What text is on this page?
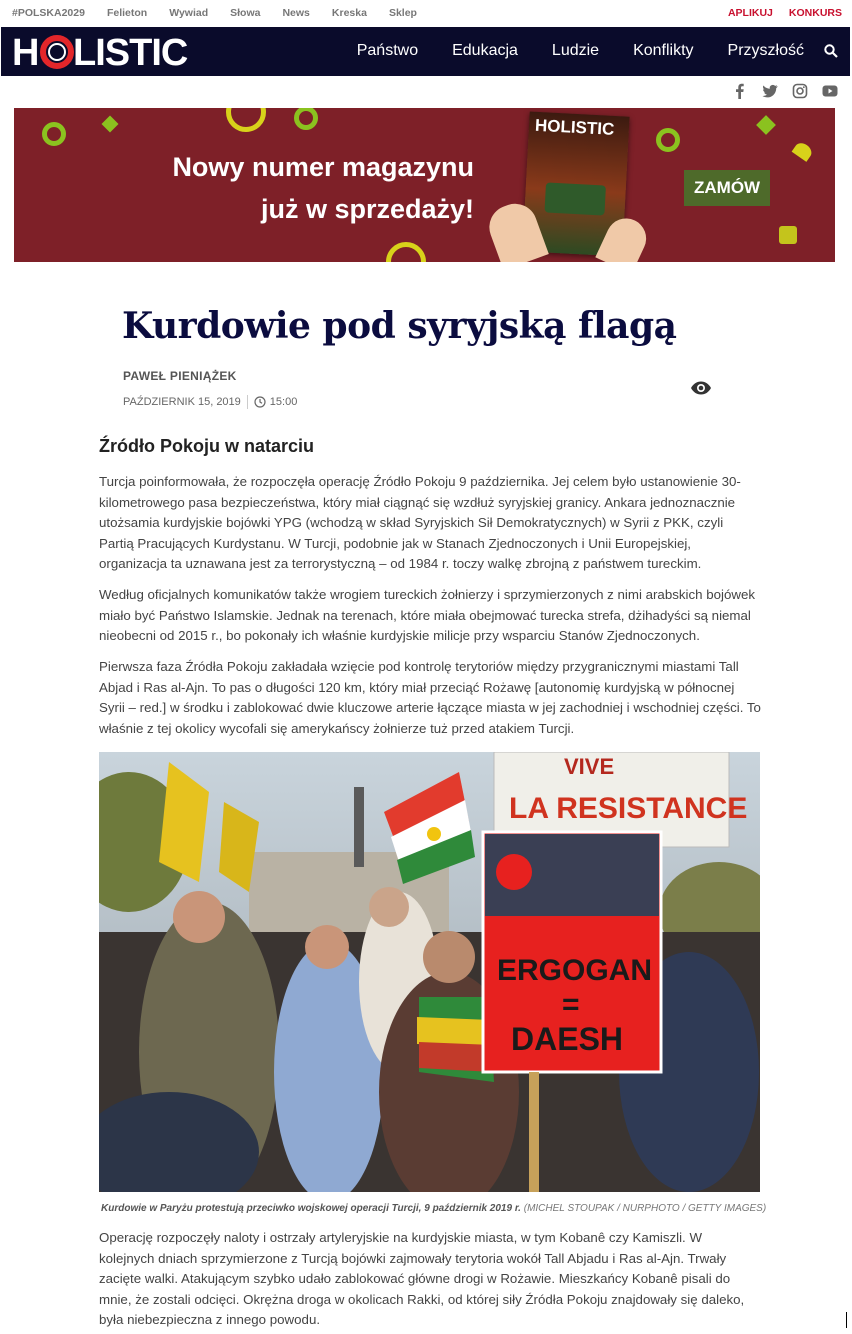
#POLSKA2029 Felieton Wywiad Słowa News Kreska Sklep	APLIKUJ KONKURS
H LISTIC	Państwo Edukacja Ludzie Konflikty Przyszłość
Nowy numer magazynu
już w sprzedaży!
HOLISTIC
ZAMÓW
Kurdowie pod syryjską flagą
PAWEŁ PIENIĄŻEK
PAŹDZIERNIK 15, 2019	15:00
Źródło Pokoju w natarciu

Turcja poinformowała, że rozpoczęła operację Źródło Pokoju 9 października. Jej celem było ustanowienie 30-kilometrowego pasa bezpieczeństwa, który miał ciągnąć się wzdłuż syryjskiej granicy. Ankara jednoznacznie utożsamia kurdyjskie bojówki YPG (wchodzą w skład Syryjskich Sił Demokratycznych) w Syrii z PKK, czyli Partią Pracujących Kurdystanu. W Turcji, podobnie jak w Stanach Zjednoczonych i Unii Europejskiej, organizacja ta uznawana jest za terrorystyczną – od 1984 r. toczy walkę zbrojną z państwem tureckim.

Według oficjalnych komunikatów także wrogiem tureckich żołnierzy i sprzymierzonych z nimi arabskich bojówek miało być Państwo Islamskie. Jednak na terenach, które miała obejmować turecka strefa, dżihadyści są niemal nieobecni od 2015 r., bo pokonały ich właśnie kurdyjskie milicje przy wsparciu Stanów Zjednoczonych.

Pierwsza faza Źródła Pokoju zakładała wzięcie pod kontrolę terytoriów między przygranicznymi miastami Tall Abjad i Ras al-Ajn. To pas o długości 120 km, który miał przeciąć Rożawę [autonomię kurdyjską w północnej Syrii – red.] w środku i zablokować dwie kluczowe arterie łączące miasta w jej zachodniej i wschodniej części. To właśnie z tej okolicy wycofali się amerykańscy żołnierze tuż przed atakiem Turcji.

VIVE
LA RESISTANCE
ERGOGAN
=
DAESH
Kurdowie w Paryżu protestują przeciwko wojskowej operacji Turcji, 9 październik 2019 r. (MICHEL STOUPAK / NURPHOTO / GETTY IMAGES)

Operację rozpoczęły naloty i ostrzały artyleryjskie na kurdyjskie miasta, w tym Kobanê czy Kamiszli. W kolejnych dniach sprzymierzone z Turcją bojówki zajmowały terytoria wokół Tall Abjadu i Ras al-Ajn. Trwały zacięte walki. Atakującym szybko udało zablokować główne drogi w Rożawie. Mieszkańcy Kobanê pisali do mnie, że zostali odcięci. Okrężna droga w okolicach Rakki, od której siły Źródła Pokoju znajdowały się daleko, była niebezpieczna z innego powodu.
